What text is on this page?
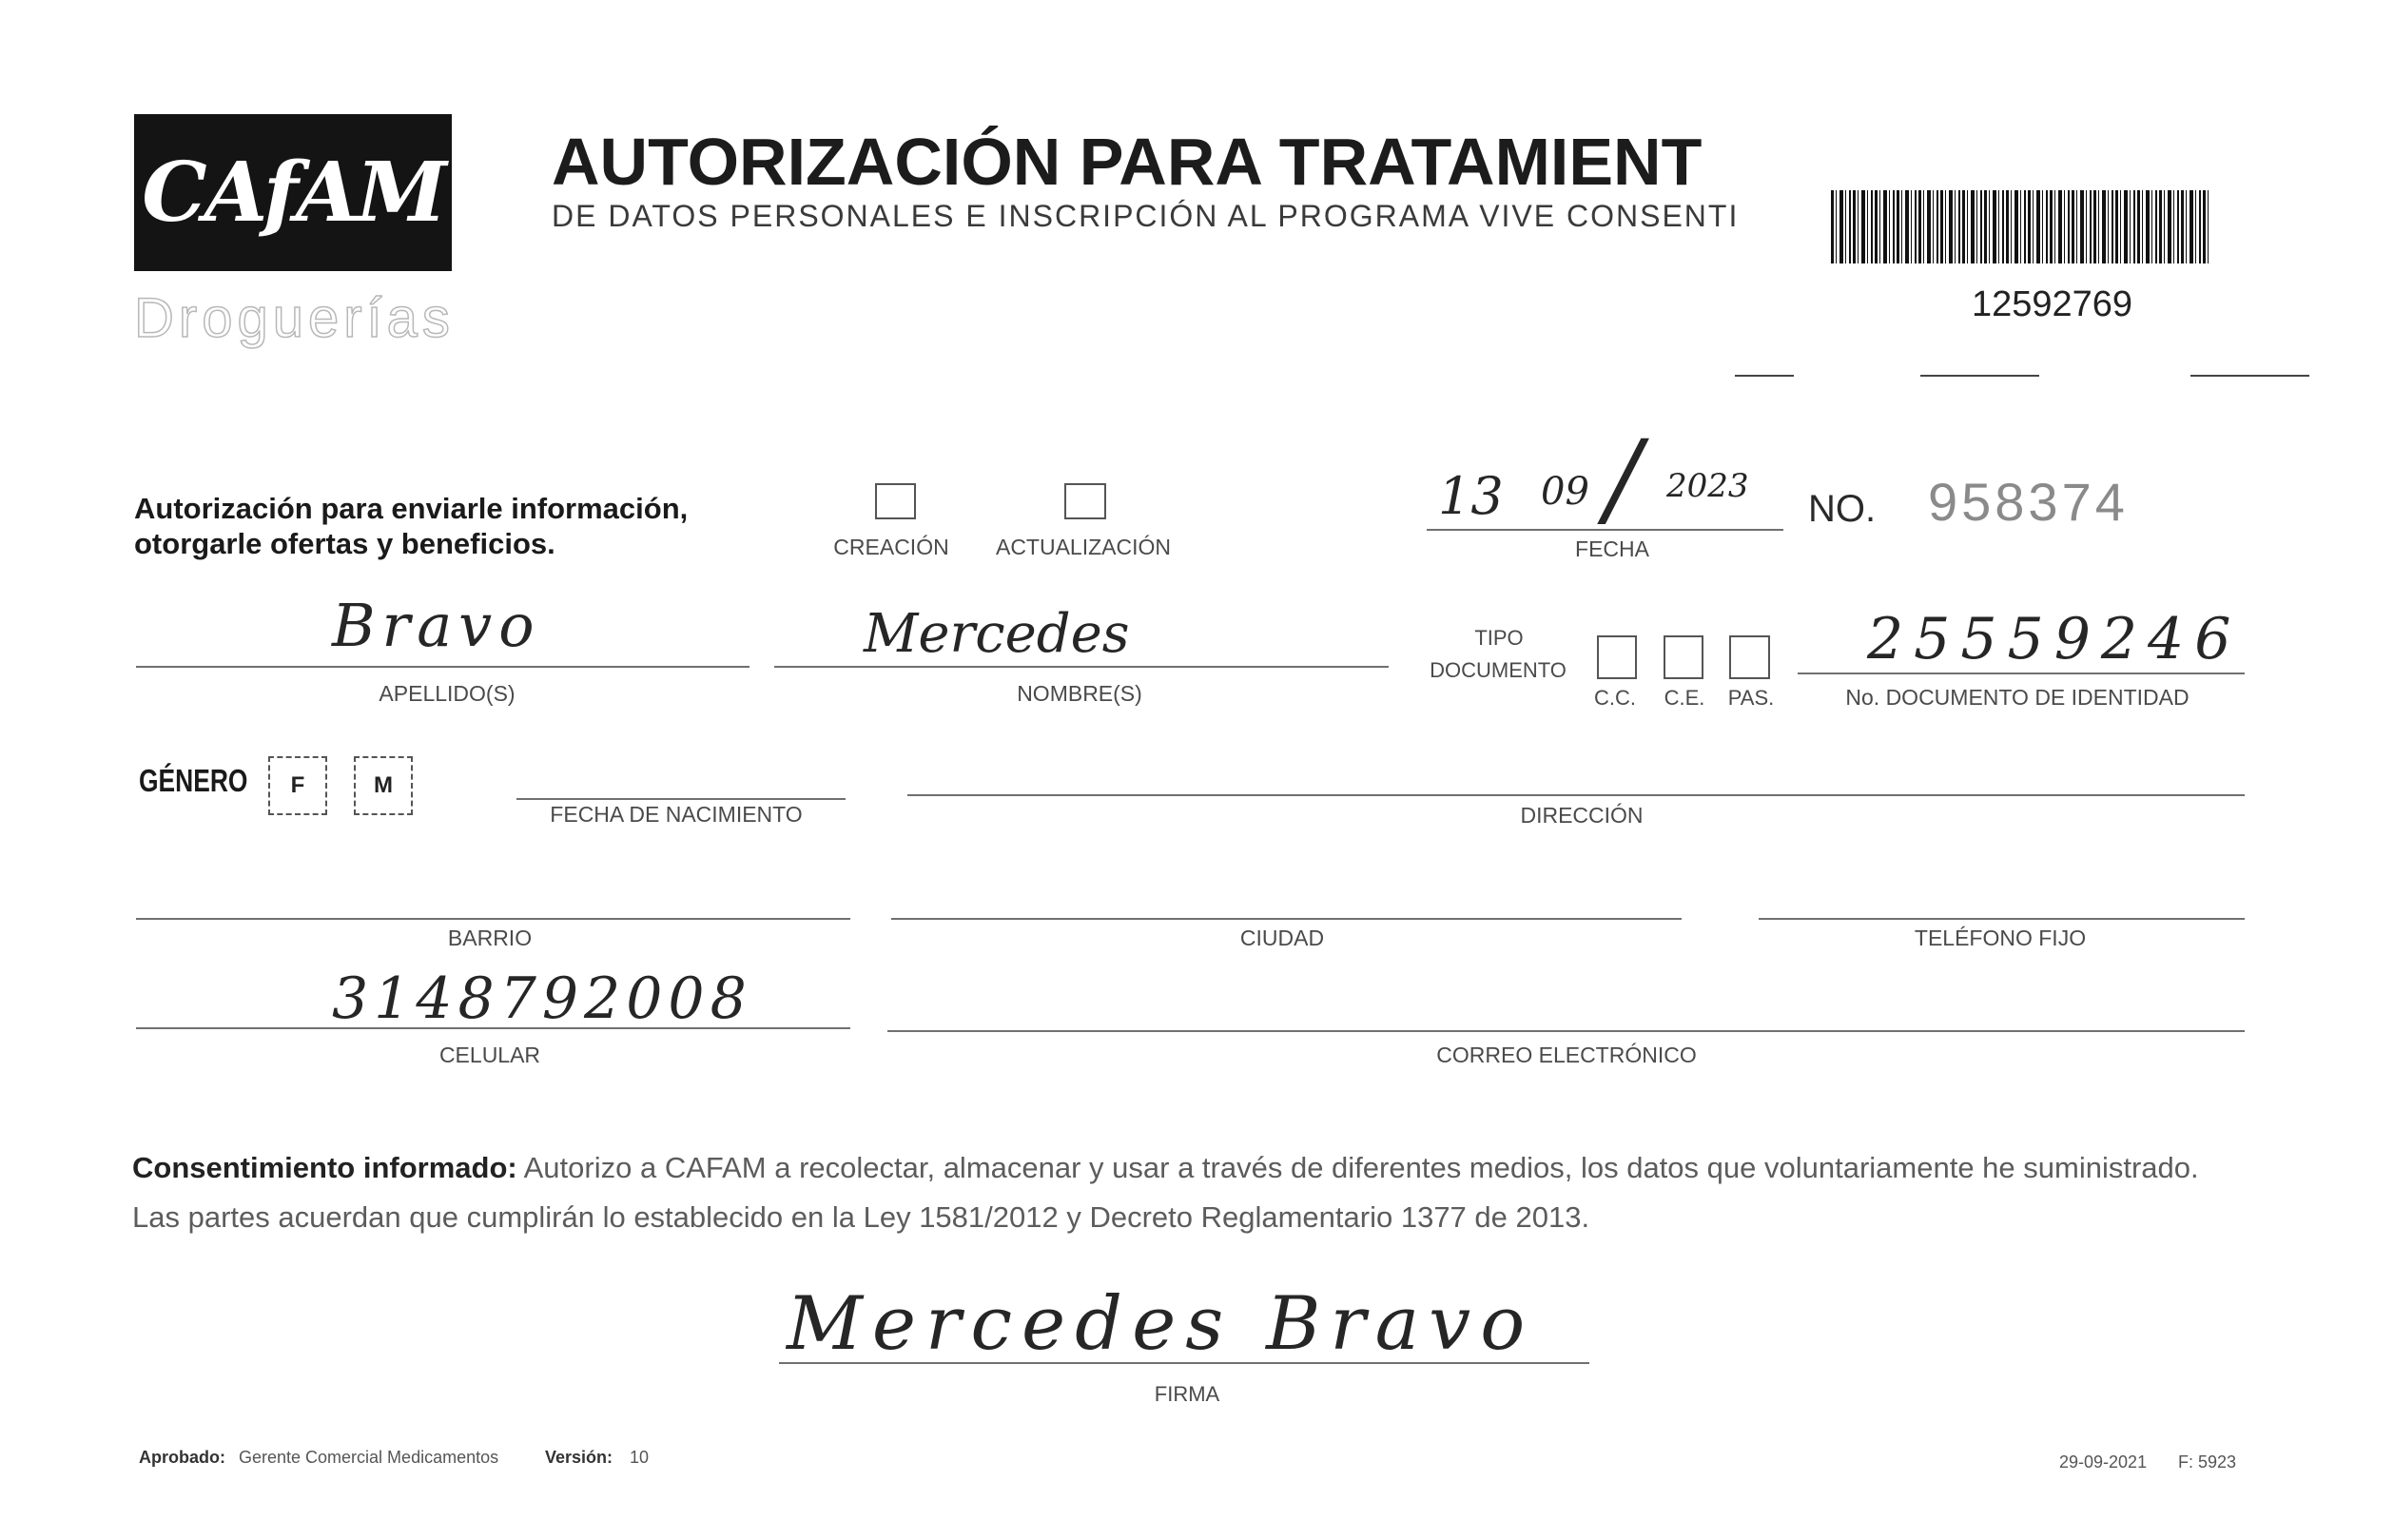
CAfAM
Droguerías
AUTORIZACIÓN PARA TRATAMIENT
DE DATOS PERSONALES E INSCRIPCIÓN AL PROGRAMA VIVE CONSENTI
12592769
Autorización para enviarle información,
otorgarle ofertas y beneficios.	CREACIÓN ACTUALIZACIÓN
13 09 / 2023
FECHA
NO. 958374
Bravo
APELLIDO(S)
Mercedes
NOMBRE(S)
TIPO
DOCUMENTO
C.C. C.E. PAS.
25559246
No. DOCUMENTO DE IDENTIDAD
GÉNERO	F	M
FECHA DE NACIMIENTO	DIRECCIÓN
BARRIO	CIUDAD	TELÉFONO FIJO
3148792008
CELULAR	CORREO ELECTRÓNICO
Consentimiento informado: Autorizo a CAFAM a recolectar, almacenar y usar a través de diferentes medios, los datos que voluntariamente he suministrado. Las partes acuerdan que cumplirán lo establecido en la Ley 1581/2012 y Decreto Reglamentario 1377 de 2013.
Mercedes Bravo
FIRMA
Aprobado: Gerente Comercial Medicamentos	Versión: 10	29-09-2021 F: 5923
